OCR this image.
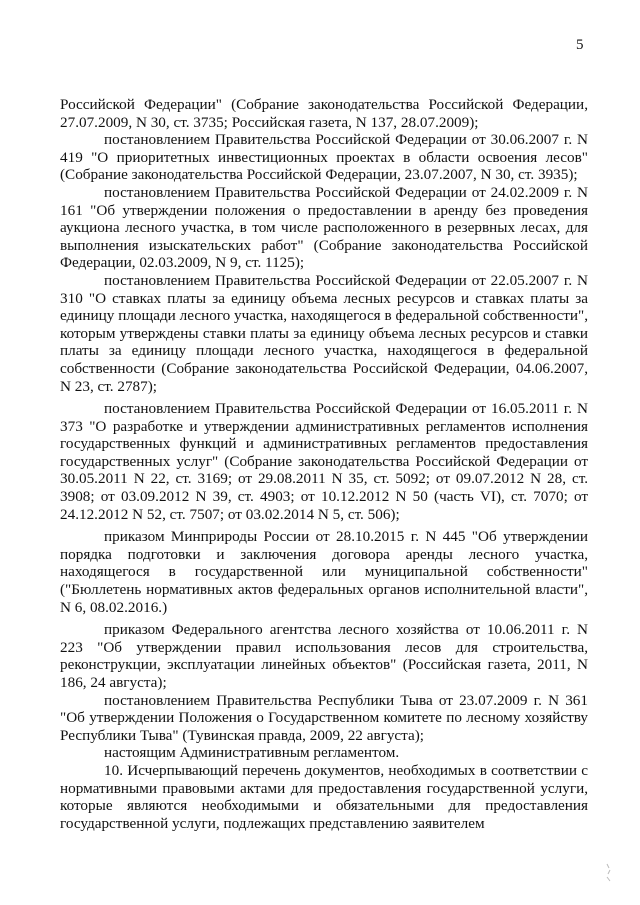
5

Российской Федерации" (Собрание законодательства Российской Федерации, 27.07.2009, N 30, ст. 3735; Российская газета, N 137, 28.07.2009);

постановлением Правительства Российской Федерации от 30.06.2007 г. N 419 "О приоритетных инвестиционных проектах в области освоения лесов" (Собрание законодательства Российской Федерации, 23.07.2007, N 30, ст. 3935);

постановлением Правительства Российской Федерации от 24.02.2009 г. N 161 "Об утверждении положения о предоставлении в аренду без проведения аукциона лесного участка, в том числе расположенного в резервных лесах, для выполнения изыскательских работ" (Собрание законодательства Российской Федерации, 02.03.2009, N 9, ст. 1125);

постановлением Правительства Российской Федерации от 22.05.2007 г. N 310 "О ставках платы за единицу объема лесных ресурсов и ставках платы за единицу площади лесного участка, находящегося в федеральной собственности", которым утверждены ставки платы за единицу объема лесных ресурсов и ставки платы за единицу площади лесного участка, находящегося в федеральной собственности (Собрание законодательства Российской Федерации, 04.06.2007, N 23, ст. 2787);

постановлением Правительства Российской Федерации от 16.05.2011 г. N 373 "О разработке и утверждении административных регламентов исполнения государственных функций и административных регламентов предоставления государственных услуг" (Собрание законодательства Российской Федерации от 30.05.2011 N 22, ст. 3169; от 29.08.2011 N 35, ст. 5092; от 09.07.2012 N 28, ст. 3908; от 03.09.2012 N 39, ст. 4903; от 10.12.2012 N 50 (часть VI), ст. 7070; от 24.12.2012 N 52, ст. 7507; от 03.02.2014 N 5, ст. 506);

приказом Минприроды России от 28.10.2015 г. N 445 "Об утверждении порядка подготовки и заключения договора аренды лесного участка, находящегося в государственной или муниципальной собственности" ("Бюллетень нормативных актов федеральных органов исполнительной власти", N 6, 08.02.2016.)

приказом Федерального агентства лесного хозяйства от 10.06.2011 г. N 223 "Об утверждении правил использования лесов для строительства, реконструкции, эксплуатации линейных объектов" (Российская газета, 2011, N 186, 24 августа);

постановлением Правительства Республики Тыва от 23.07.2009 г. N 361 "Об утверждении Положения о Государственном комитете по лесному хозяйству Республики Тыва" (Тувинская правда, 2009, 22 августа);

настоящим Административным регламентом.

10. Исчерпывающий перечень документов, необходимых в соответствии с нормативными правовыми актами для предоставления государственной услуги, которые являются необходимыми и обязательными для предоставления государственной услуги, подлежащих представлению заявителем
